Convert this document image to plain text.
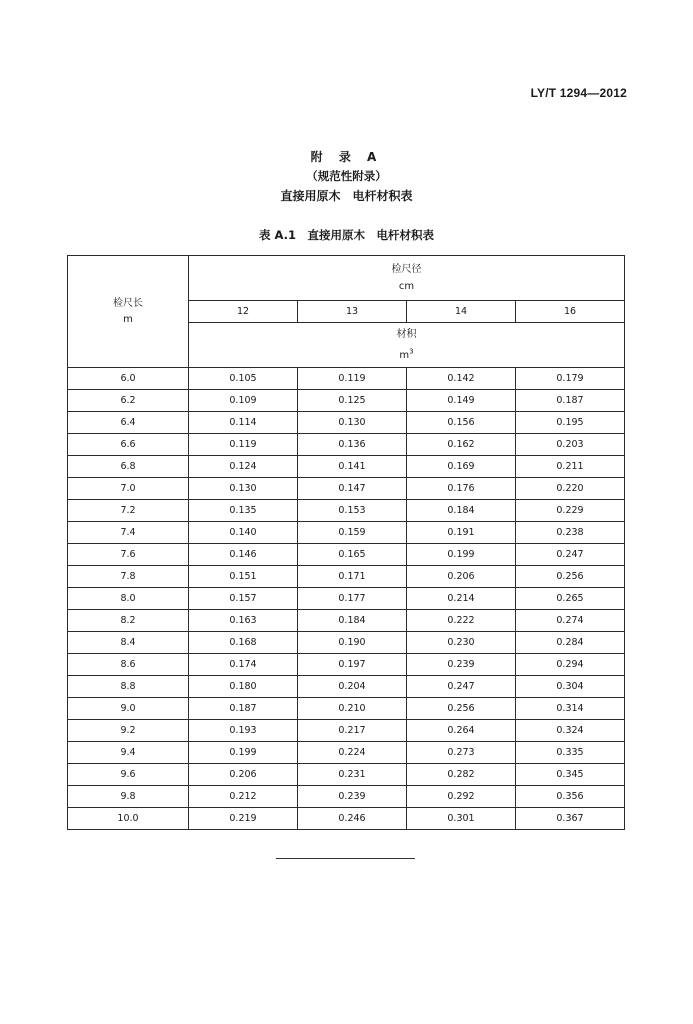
LY/T 1294—2012
附 录 A
（规范性附录）
直接用原木　电杆材积表
表 A.1　直接用原木　电杆材积表
检尺长
m	检尺径
cm			
	12	13	14	16
	材积
$m^3$
6.0	0.105	0.119	0.142	0.179
6.2	0.109	0.125	0.149	0.187
6.4	0.114	0.130	0.156	0.195
6.6	0.119	0.136	0.162	0.203
6.8	0.124	0.141	0.169	0.211
7.0	0.130	0.147	0.176	0.220
7.2	0.135	0.153	0.184	0.229
7.4	0.140	0.159	0.191	0.238
7.6	0.146	0.165	0.199	0.247
7.8	0.151	0.171	0.206	0.256
8.0	0.157	0.177	0.214	0.265
8.2	0.163	0.184	0.222	0.274
8.4	0.168	0.190	0.230	0.284
8.6	0.174	0.197	0.239	0.294
8.8	0.180	0.204	0.247	0.304
9.0	0.187	0.210	0.256	0.314
9.2	0.193	0.217	0.264	0.324
9.4	0.199	0.224	0.273	0.335
9.6	0.206	0.231	0.282	0.345
9.8	0.212	0.239	0.292	0.356
10.0	0.219	0.246	0.301	0.367
